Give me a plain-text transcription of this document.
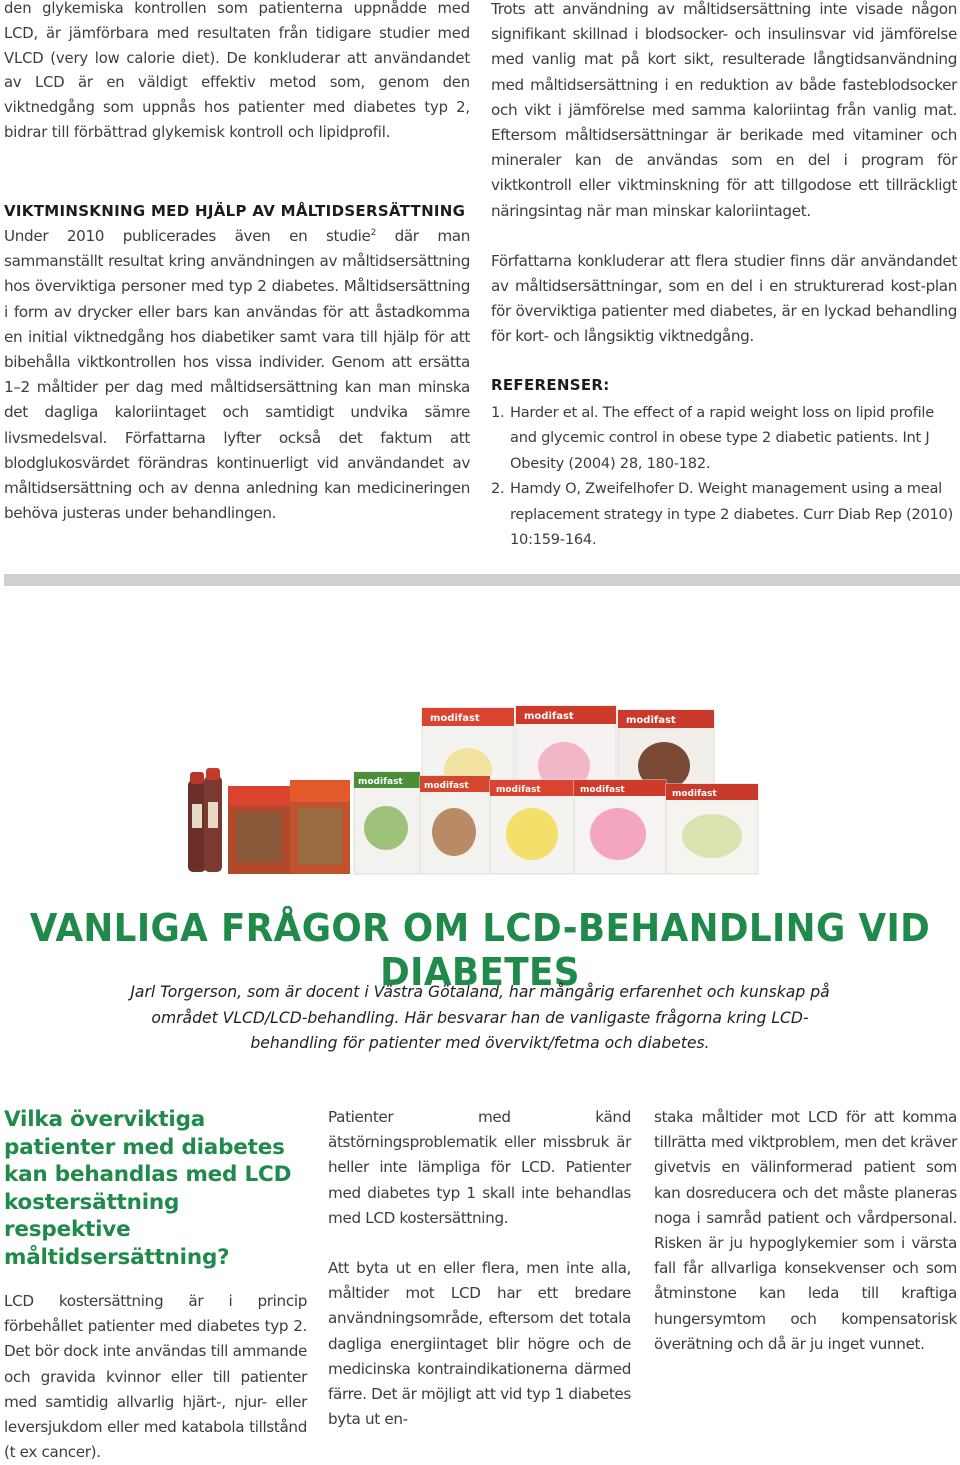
den glykemiska kontrollen som patienterna uppnådde med LCD, är jämförbara med resultaten från tidigare studier med VLCD (very low calorie diet). De konkluderar att användandet av LCD är en väldigt effektiv metod som, genom den viktnedgång som uppnås hos patienter med diabetes typ 2, bidrar till förbättrad glykemisk kontroll och lipidprofil.

VIKTMINSKNING MED HJÄLP AV MÅLTIDSERSÄTTNING

Under 2010 publicerades även en studie$^2$ där man sammanställt resultat kring användningen av måltidsersättning hos överviktiga personer med typ 2 diabetes. Måltidsersättning i form av drycker eller bars kan användas för att åstadkomma en initial viktnedgång hos diabetiker samt vara till hjälp för att bibehålla viktkontrollen hos vissa individer. Genom att ersätta 1–2 måltider per dag med måltidsersättning kan man minska det dagliga kaloriintaget och samtidigt undvika sämre livsmedelsval. Författarna lyfter också det faktum att blodglukosvärdet förändras kontinuerligt vid användandet av måltidsersättning och av denna anledning kan medicineringen behöva justeras under behandlingen.

Trots att användning av måltidsersättning inte visade någon signifikant skillnad i blodsocker- och insulinsvar vid jämförelse med vanlig mat på kort sikt, resulterade långtidsanvändning med måltidsersättning i en reduktion av både fasteblodsocker och vikt i jämförelse med samma kaloriintag från vanlig mat. Eftersom måltidsersättningar är berikade med vitaminer och mineraler kan de användas som en del i program för viktkontroll eller viktminskning för att tillgodose ett tillräckligt näringsintag när man minskar kaloriintaget.

Författarna konkluderar att flera studier finns där användandet av måltidsersättningar, som en del i en strukturerad kost-plan för överviktiga patienter med diabetes, är en lyckad behandling för kort- och långsiktig viktnedgång.

REFERENSER:
1. Harder et al. The effect of a rapid weight loss on lipid profile and glycemic control in obese type 2 diabetic patients. Int J Obesity (2004) 28, 180-182.
2. Hamdy O, Zweifelhofer D. Weight management using a meal replacement strategy in type 2 diabetes. Curr Diab Rep (2010) 10:159-164.
modifast	modifast	modifast
modifast modifast	modifast	modifast	modifast
VANLIGA FRÅGOR OM LCD-BEHANDLING VID DIABETES

Jarl Torgerson, som är docent i Västra Götaland, har mångårig erfarenhet och kunskap på området VLCD/LCD-behandling. Här besvarar han de vanligaste frågorna kring LCD-behandling för patienter med övervikt/fetma och diabetes.

Vilka överviktiga patienter med diabetes kan behandlas med LCD kostersättning respektive måltidsersättning?

LCD kostersättning är i princip förbehållet patienter med diabetes typ 2. Det bör dock inte användas till ammande och gravida kvinnor eller till patienter med samtidig allvarlig hjärt-, njur- eller leversjukdom eller med katabola tillstånd (t ex cancer).

Patienter med känd ätstörningsproblematik eller missbruk är heller inte lämpliga för LCD. Patienter med diabetes typ 1 skall inte behandlas med LCD kostersättning.

Att byta ut en eller flera, men inte alla, måltider mot LCD har ett bredare användningsområde, eftersom det totala dagliga energiintaget blir högre och de medicinska kontraindikationerna därmed färre. Det är möjligt att vid typ 1 diabetes byta ut en-

staka måltider mot LCD för att komma tillrätta med viktproblem, men det kräver givetvis en välinformerad patient som kan dosreducera och det måste planeras noga i samråd patient och vårdpersonal. Risken är ju hypoglykemier som i värsta fall får allvarliga konsekvenser och som åtminstone kan leda till kraftiga hungersymtom och kompensatorisk överätning och då är ju inget vunnet.
